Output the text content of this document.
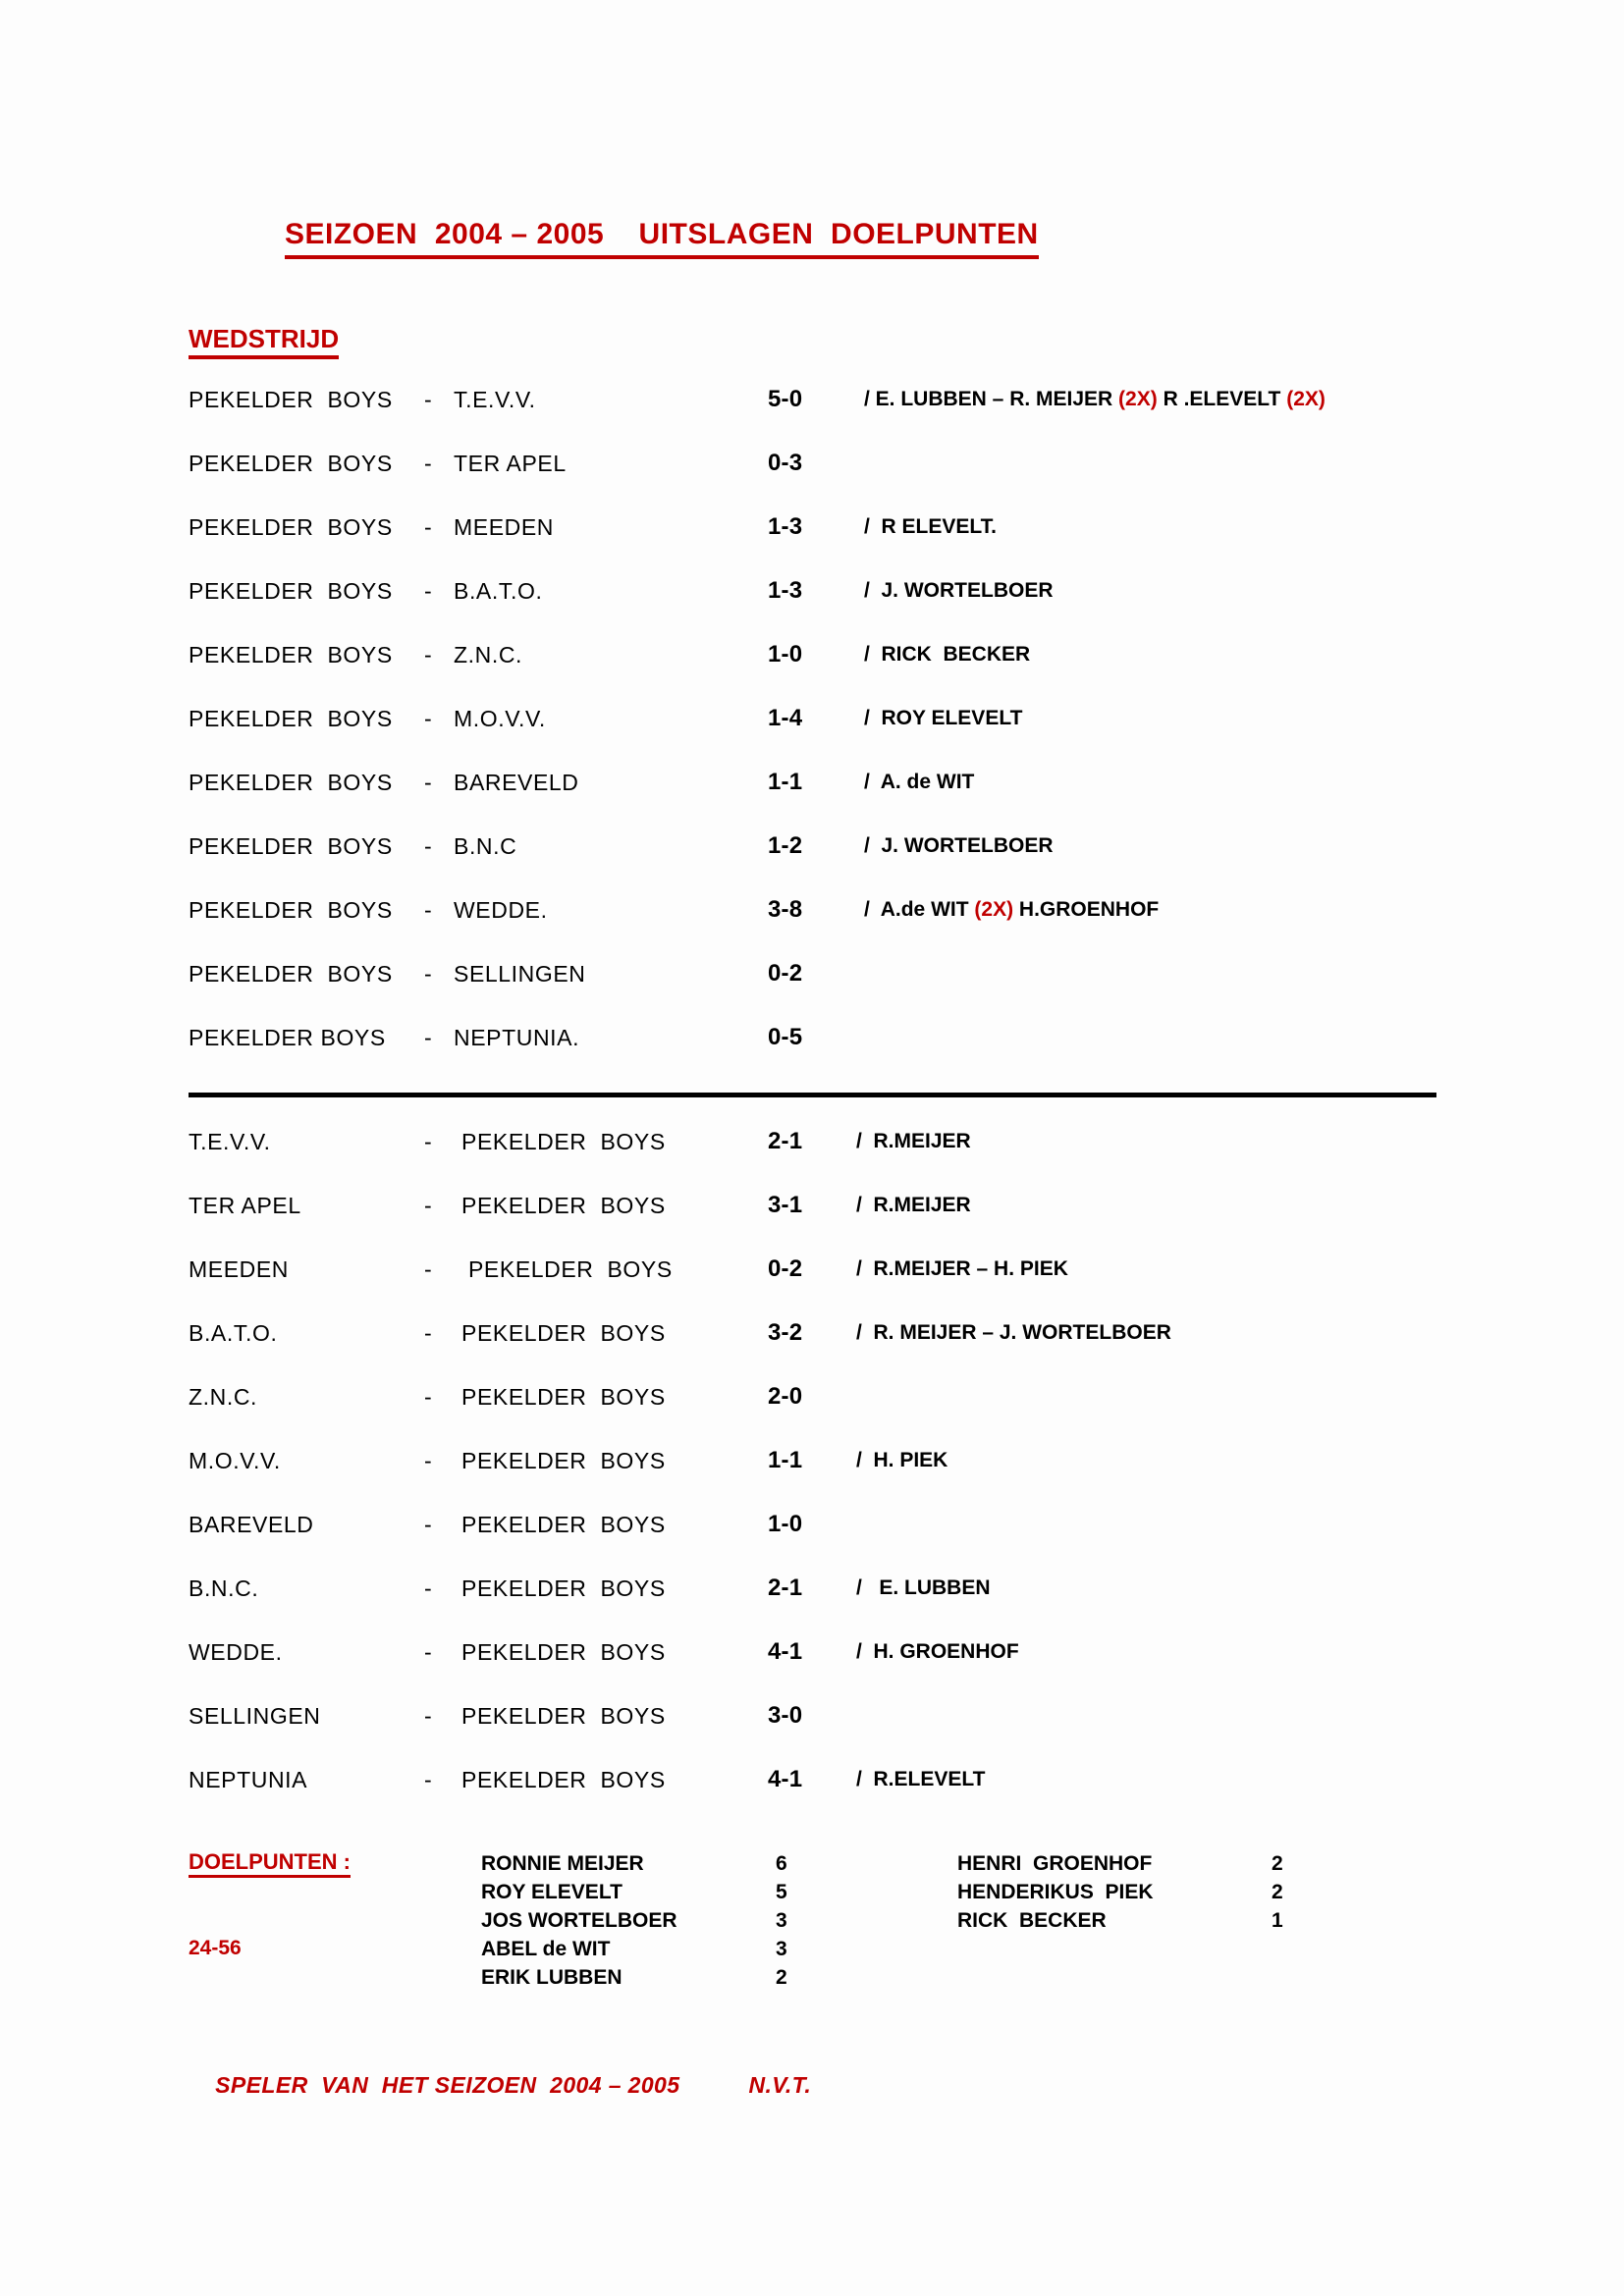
SEIZOEN  2004 – 2005    UITSLAGEN  DOELPUNTEN
WEDSTRIJD
PEKELDER  BOYS - T.E.V.V.	5-0	/ E. LUBBEN – R. MEIJER (2X) R .ELEVELT (2X)
PEKELDER  BOYS - TER APEL	0-3
PEKELDER  BOYS - MEEDEN	1-3	/  R ELEVELT.
PEKELDER  BOYS - B.A.T.O.	1-3	/  J. WORTELBOER
PEKELDER  BOYS - Z.N.C.	1-0	/  RICK  BECKER
PEKELDER  BOYS - M.O.V.V.	1-4	/  ROY ELEVELT
PEKELDER  BOYS - BAREVELD	1-1	/  A. de WIT
PEKELDER  BOYS - B.N.C	1-2	/  J. WORTELBOER
PEKELDER  BOYS - WEDDE.	3-8	/  A.de WIT (2X) H.GROENHOF
PEKELDER  BOYS - SELLINGEN	0-2
PEKELDER BOYS - NEPTUNIA.	0-5
T.E.V.V.	- PEKELDER  BOYS	2-1	/  R.MEIJER
TER APEL	- PEKELDER  BOYS	3-1	/  R.MEIJER
MEEDEN	- PEKELDER  BOYS	0-2	/  R.MEIJER – H. PIEK
B.A.T.O.	- PEKELDER  BOYS	3-2	/  R. MEIJER – J. WORTELBOER
Z.N.C.	- PEKELDER  BOYS	2-0
M.O.V.V.	- PEKELDER  BOYS	1-1	/  H. PIEK
BAREVELD	- PEKELDER  BOYS	1-0
B.N.C.	- PEKELDER  BOYS	2-1	/   E. LUBBEN
WEDDE.	- PEKELDER  BOYS	4-1	/  H. GROENHOF
SELLINGEN	- PEKELDER  BOYS	3-0
NEPTUNIA	- PEKELDER  BOYS	4-1	/  R.ELEVELT
DOELPUNTEN :
24-56
RONNIE MEIJER	6
ROY ELEVELT	5
JOS WORTELBOER	3
ABEL de WIT	3
ERIK LUBBEN	2
HENRI  GROENHOF	2
HENDERIKUS  PIEK	2
RICK  BECKER	1

SPELER  VAN  HET SEIZOEN  2004 – 2005	N.V.T.
